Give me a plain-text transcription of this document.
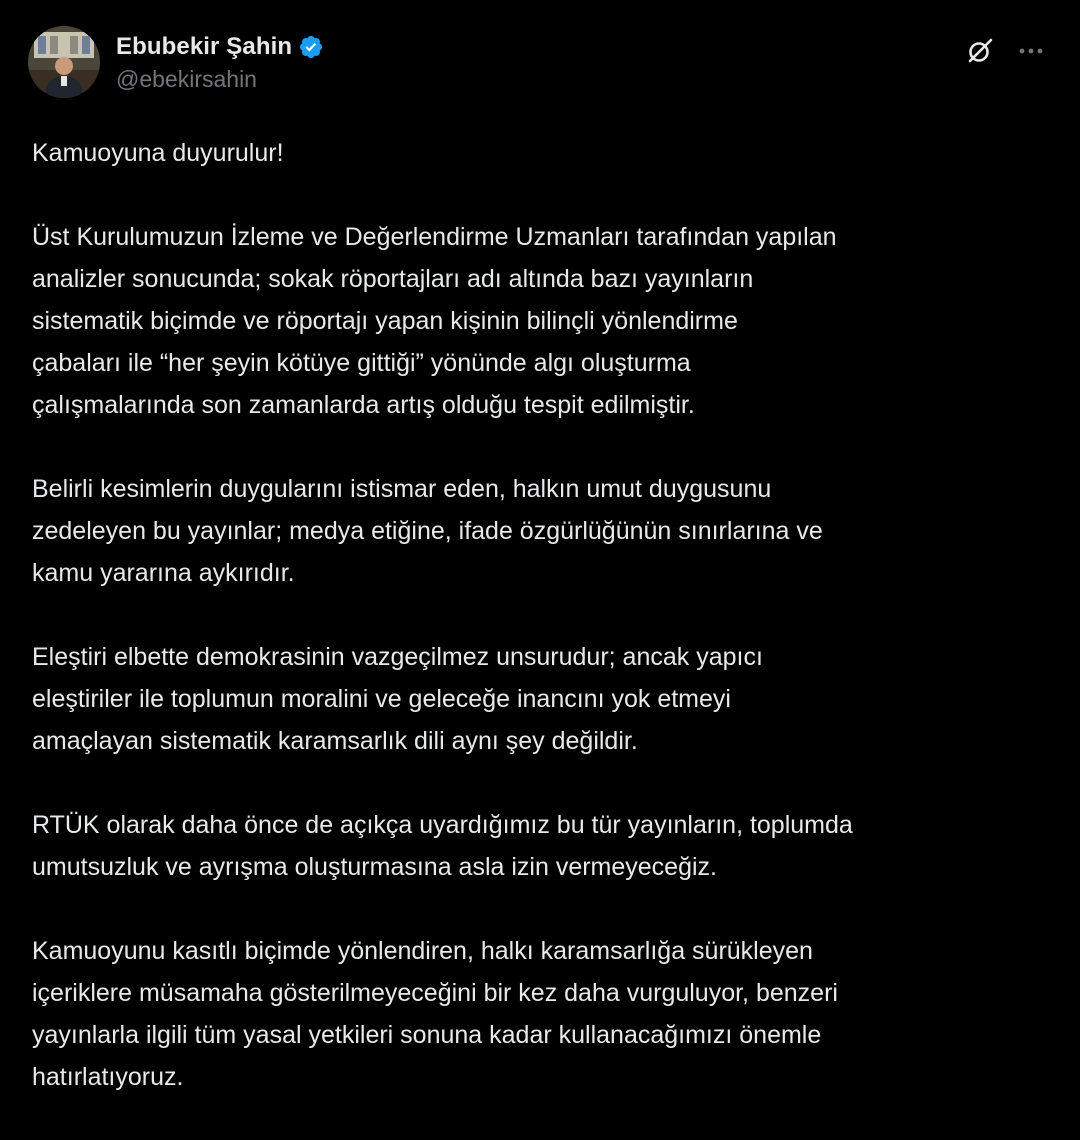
Ebubekir Şahin
@ebekirsahin

Kamuoyuna duyurulur!

Üst Kurulumuzun İzleme ve Değerlendirme Uzmanları tarafından yapılan
analizler sonucunda; sokak röportajları adı altında bazı yayınların
sistematik biçimde ve röportajı yapan kişinin bilinçli yönlendirme
çabaları ile “her şeyin kötüye gittiği” yönünde algı oluşturma
çalışmalarında son zamanlarda artış olduğu tespit edilmiştir.

Belirli kesimlerin duygularını istismar eden, halkın umut duygusunu
zedeleyen bu yayınlar; medya etiğine, ifade özgürlüğünün sınırlarına ve
kamu yararına aykırıdır.

Eleştiri elbette demokrasinin vazgeçilmez unsurudur; ancak yapıcı
eleştiriler ile toplumun moralini ve geleceğe inancını yok etmeyi
amaçlayan sistematik karamsarlık dili aynı şey değildir.

RTÜK olarak daha önce de açıkça uyardığımız bu tür yayınların, toplumda
umutsuzluk ve ayrışma oluşturmasına asla izin vermeyeceğiz.

Kamuoyunu kasıtlı biçimde yönlendiren, halkı karamsarlığa sürükleyen
içeriklere müsamaha gösterilmeyeceğini bir kez daha vurguluyor, benzeri
yayınlarla ilgili tüm yasal yetkileri sonuna kadar kullanacağımızı önemle
hatırlatıyoruz.
